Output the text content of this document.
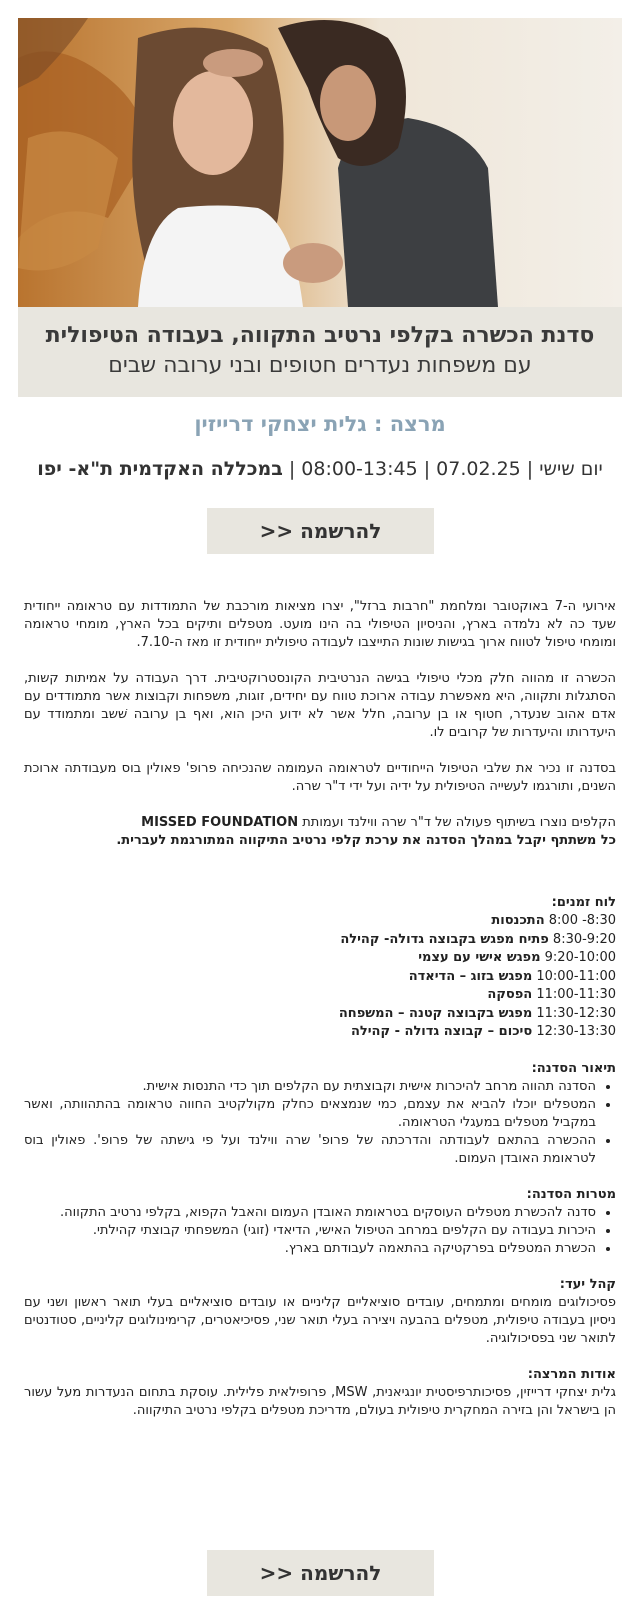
סדנת הכשרה בקלפי נרטיב התקווה, בעבודה הטיפולית
עם משפחות נעדרים חטופים ובני ערובה שבים
מרצה : גלית יצחקי דרייזין
יום שישי | 07.02.25 | 08:00-13:45 | במכללה האקדמית ת"א- יפו
להרשמה <<

אירועי ה-7 באוקטובר ומלחמת "חרבות ברזל", יצרו מציאות מורכבת של התמודדות עם טראומה ייחודית שעד כה לא נלמדה בארץ, והניסיון הטיפולי בה הינו מועט. מטפלים ותיקים בכל הארץ, מומחי טראומה ומומחי טיפול לטווח ארוך בגישות שונות התייצבו לעבודה טיפולית ייחודית זו מאז ה-7.10.

הכשרה זו מהווה חלק מכלי טיפולי בגישה הנרטיבית הקונסטרוקטיבית. דרך העבודה על אמיתות קשות, הסתגלות ותקווה, היא מאפשרת עבודה ארוכת טווח עם יחידים, זוגות, משפחות וקבוצות אשר מתמודדים עם אדם אהוב שנעדר, חטוף או בן ערובה, חלל אשר לא ידוע היכן הוא, ואף בן ערובה שׁשב ומתמודד עם היעדרותו והיעדרות של קרובים לו.

בסדנה זו נכיר את שלבי הטיפול הייחודיים לטראומה העמומה שהנכיחה פרופ' פאולין בוס מעבודתה ארוכת השנים, ותורגמו לעשייה הטיפולית על ידיה ועל ידי ד"ר שרה.

הקלפים נוצרו בשיתוף פעולה של ד"ר שרה ווילנד ועמותת MISSED FOUNDATION
כל משתתף יקבל במהלך הסדנה את ערכת קלפי נרטיב התיקווה המתורגמת לעברית.
לוח זמנים:
8:30- 8:00 התכנסות
8:30-9:20 פתיח מפגש בקבוצה גדולה- קהילה
9:20-10:00 מפגש אישי עם עצמי
10:00-11:00 מפגש בזוג – הדיאדה
11:00-11:30 הפסקה
11:30-12:30 מפגש בקבוצה קטנה – המשפחה
12:30-13:30 סיכום – קבוצה גדולה - קהילה
תיאור הסדנה:
• הסדנה תהווה מרחב להיכרות אישית וקבוצתית עם הקלפים תוך כדי התנסות אישית.
• המטפלים יוכלו להביא את עצמם, כמי שנמצאים כחלק מקולקטיב החווה טראומה בהתהוותה, ואשר במקביל מטפלים במעגלי הטראומה.
• ההכשרה בהתאם לעבודתה והדרכתה של פרופ' שרה ווילנד ועל פי גישתה של פרופ'. פאולין בוס לטראומת האובדן העמום.
מטרות הסדנה:
• סדנה להכשרת מטפלים העוסקים בטראומת האובדן העמום והאבל הקפוא, בקלפי נרטיב התקווה.
• היכרות בעבודה עם הקלפים במרחב הטיפול האישי, הדיאדי (זוגי) המשפחתי קבוצתי קהילתי.
• הכשרת המטפלים בפרקטיקה בהתאמה לעבודתם בארץ.
קהל יעד:
פסיכולוגים מומחים ומתמחים, עובדים סוציאליים קליניים או עובדים סוציאליים בעלי תואר ראשון ושני עם ניסיון בעבודה טיפולית, מטפלים בהבעה ויצירה בעלי תואר שני, פסיכיאטרים, קרימינולוגים קליניים, סטודנטים לתואר שני בפסיכולוגיה.
אודות המרצה:
גלית יצחקי דרייזין, פסיכותרפיסטית יונגיאנית, MSW, פרופילאית פלילית. עוסקת בתחום הנעדרות מעל עשור הן בישראל והן בזירה המחקרית טיפולית בעולם, מדריכת מטפלים בקלפי נרטיב התיקווה.
להרשמה <<
